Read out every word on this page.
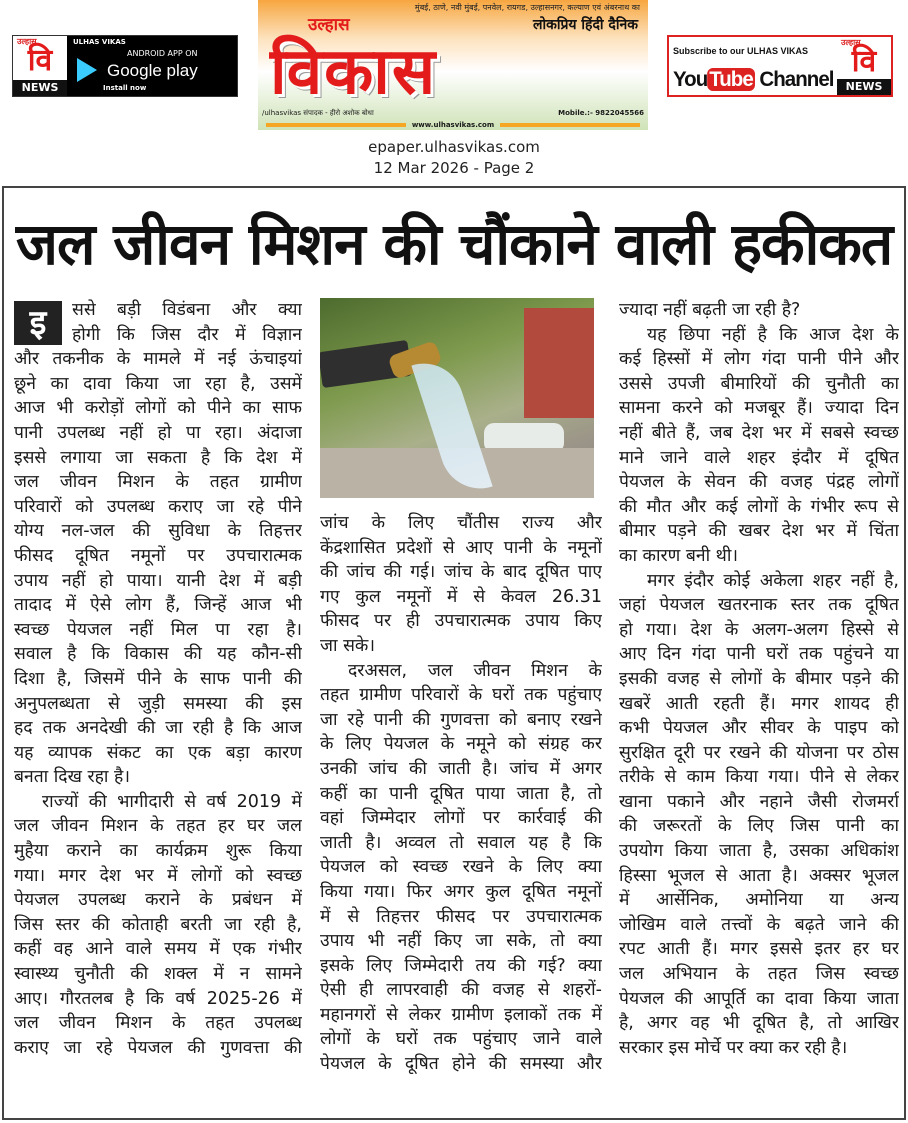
उल्हास
वि
NEWS
ULHAS VIKAS
ANDROID APP ON
Google play
Install now
मुंबई, ठाणे, नवी मुंबई, पनवेल, रायगड, उल्हासनगर, कल्याण एवं अंबरनाथ का
लोकप्रिय हिंदी दैनिक
उल्हास
विकास
/ulhasvikas संपादक - हीरो अशोक बोधा	Mobile.:- 9822045566
www.ulhasvikas.com
Subscribe to our ULHAS VIKAS YouTube Channel
उल्हास
वि
NEWS
epaper.ulhasvikas.com
12 Mar 2026 - Page 2
जल जीवन मिशन की चौंकाने वाली हकीकत
इ	ससे बड़ी विडंबना और क्या
होगी कि जिस दौर में विज्ञान
और तकनीक के मामले में नई ऊंचाइयां
छूने का दावा किया जा रहा है, उसमें
आज भी करोड़ों लोगों को पीने का साफ
पानी उपलब्ध नहीं हो पा रहा। अंदाजा
इससे लगाया जा सकता है कि देश में
जल जीवन मिशन के तहत ग्रामीण
परिवारों को उपलब्ध कराए जा रहे पीने
योग्य नल-जल की सुविधा के तिहत्तर
फीसद दूषित नमूनों पर उपचारात्मक
उपाय नहीं हो पाया। यानी देश में बड़ी
तादाद में ऐसे लोग हैं, जिन्हें आज भी
स्वच्छ पेयजल नहीं मिल पा रहा है।
सवाल है कि विकास की यह कौन-सी
दिशा है, जिसमें पीने के साफ पानी की
अनुपलब्धता से जुड़ी समस्या की इस
हद तक अनदेखी की जा रही है कि आज
यह व्यापक संकट का एक बड़ा कारण
बनता दिख रहा है।
राज्यों की भागीदारी से वर्ष 2019 में
जल जीवन मिशन के तहत हर घर जल
मुहैया कराने का कार्यक्रम शुरू किया
गया। मगर देश भर में लोगों को स्वच्छ
पेयजल उपलब्ध कराने के प्रबंधन में
जिस स्तर की कोताही बरती जा रही है,
कहीं वह आने वाले समय में एक गंभीर
स्वास्थ्य चुनौती की शक्ल में न सामने
आए। गौरतलब है कि वर्ष 2025-26 में
जल जीवन मिशन के तहत उपलब्ध
कराए जा रहे पेयजल की गुणवत्ता की
जांच के लिए चौंतीस राज्य और
केंद्रशासित प्रदेशों से आए पानी के नमूनों
की जांच की गई। जांच के बाद दूषित पाए
गए कुल नमूनों में से केवल 26.31
फीसद पर ही उपचारात्मक उपाय किए
जा सके।
दरअसल, जल जीवन मिशन के
तहत ग्रामीण परिवारों के घरों तक पहुंचाए
जा रहे पानी की गुणवत्ता को बनाए रखने
के लिए पेयजल के नमूने को संग्रह कर
उनकी जांच की जाती है। जांच में अगर
कहीं का पानी दूषित पाया जाता है, तो
वहां जिम्मेदार लोगों पर कार्रवाई की
जाती है। अव्वल तो सवाल यह है कि
पेयजल को स्वच्छ रखने के लिए क्या
किया गया। फिर अगर कुल दूषित नमूनों
में से तिहत्तर फीसद पर उपचारात्मक
उपाय भी नहीं किए जा सके, तो क्या
इसके लिए जिम्मेदारी तय की गई? क्या
ऐसी ही लापरवाही की वजह से शहरों-
महानगरों से लेकर ग्रामीण इलाकों तक में
लोगों के घरों तक पहुंचाए जाने वाले
पेयजल के दूषित होने की समस्या और
ज्यादा नहीं बढ़ती जा रही है?
यह छिपा नहीं है कि आज देश के
कई हिस्सों में लोग गंदा पानी पीने और
उससे उपजी बीमारियों की चुनौती का
सामना करने को मजबूर हैं। ज्यादा दिन
नहीं बीते हैं, जब देश भर में सबसे स्वच्छ
माने जाने वाले शहर इंदौर में दूषित
पेयजल के सेवन की वजह पंद्रह लोगों
की मौत और कई लोगों के गंभीर रूप से
बीमार पड़ने की खबर देश भर में चिंता
का कारण बनी थी।
मगर इंदौर कोई अकेला शहर नहीं है,
जहां पेयजल खतरनाक स्तर तक दूषित
हो गया। देश के अलग-अलग हिस्से से
आए दिन गंदा पानी घरों तक पहुंचने या
इसकी वजह से लोगों के बीमार पड़ने की
खबरें आती रहती हैं। मगर शायद ही
कभी पेयजल और सीवर के पाइप को
सुरक्षित दूरी पर रखने की योजना पर ठोस
तरीके से काम किया गया। पीने से लेकर
खाना पकाने और नहाने जैसी रोजमर्रा
की जरूरतों के लिए जिस पानी का
उपयोग किया जाता है, उसका अधिकांश
हिस्सा भूजल से आता है। अक्सर भूजल
में आर्सेनिक, अमोनिया या अन्य
जोखिम वाले तत्त्वों के बढ़ते जाने की
रपट आती हैं। मगर इससे इतर हर घर
जल अभियान के तहत जिस स्वच्छ
पेयजल की आपूर्ति का दावा किया जाता
है, अगर वह भी दूषित है, तो आखिर
सरकार इस मोर्चे पर क्या कर रही है।
